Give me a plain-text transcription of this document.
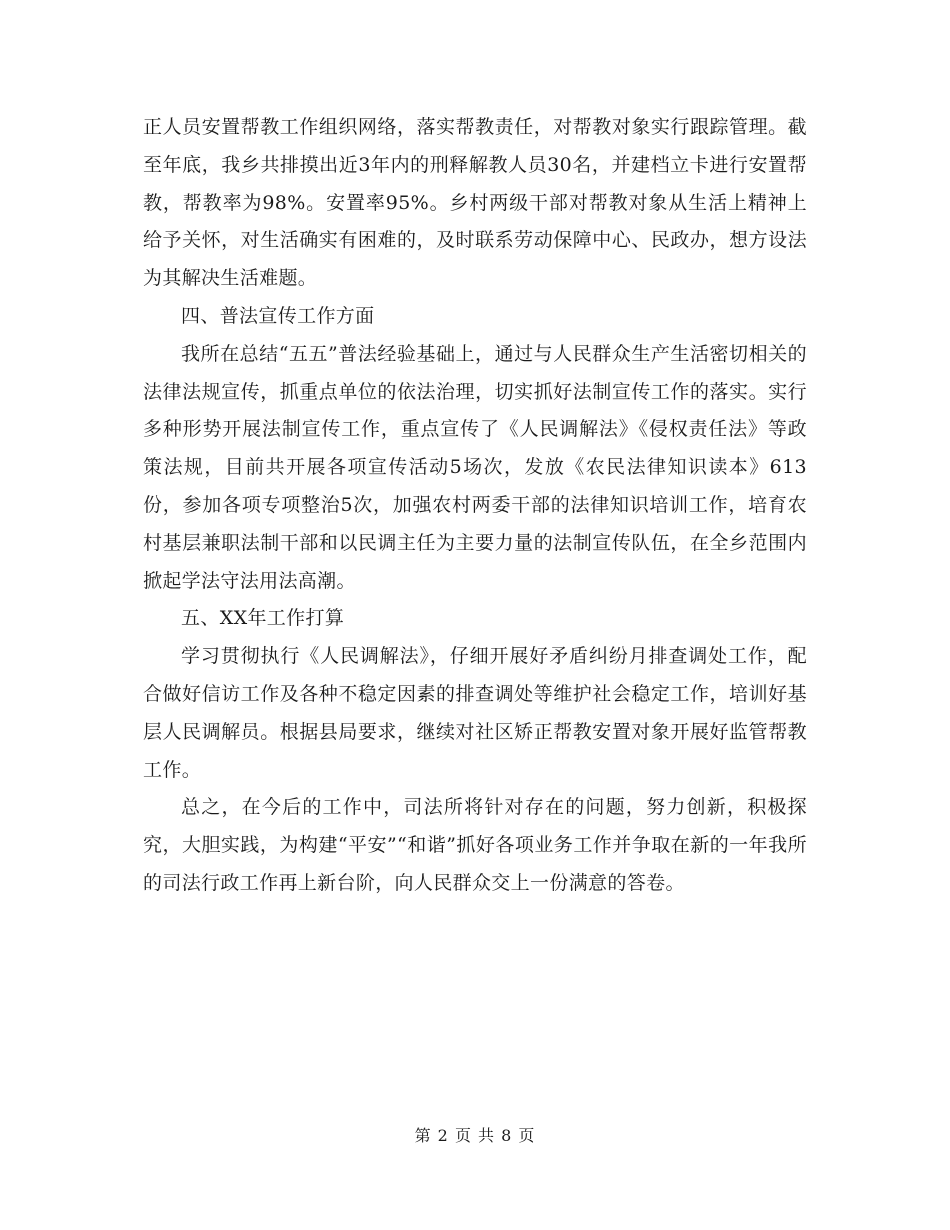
正人员安置帮教工作组织网络，落实帮教责任，对帮教对象实行跟踪管理。截至年底，我乡共排摸出近3年内的刑释解教人员30名，并建档立卡进行安置帮教，帮教率为98%。安置率95%。乡村两级干部对帮教对象从生活上精神上给予关怀，对生活确实有困难的，及时联系劳动保障中心、民政办，想方设法为其解决生活难题。

四、普法宣传工作方面

我所在总结“五五”普法经验基础上，通过与人民群众生产生活密切相关的法律法规宣传，抓重点单位的依法治理，切实抓好法制宣传工作的落实。实行多种形势开展法制宣传工作，重点宣传了《人民调解法》《侵权责任法》等政策法规，目前共开展各项宣传活动5场次，发放《农民法律知识读本》613份，参加各项专项整治5次，加强农村两委干部的法律知识培训工作，培育农村基层兼职法制干部和以民调主任为主要力量的法制宣传队伍，在全乡范围内掀起学法守法用法高潮。

五、XX年工作打算

学习贯彻执行《人民调解法》，仔细开展好矛盾纠纷月排查调处工作，配合做好信访工作及各种不稳定因素的排查调处等维护社会稳定工作，培训好基层人民调解员。根据县局要求，继续对社区矫正帮教安置对象开展好监管帮教工作。

总之，在今后的工作中，司法所将针对存在的问题，努力创新，积极探究，大胆实践，为构建“平安”“和谐”抓好各项业务工作并争取在新的一年我所的司法行政工作再上新台阶，向人民群众交上一份满意的答卷。

第 2 页 共 8 页
